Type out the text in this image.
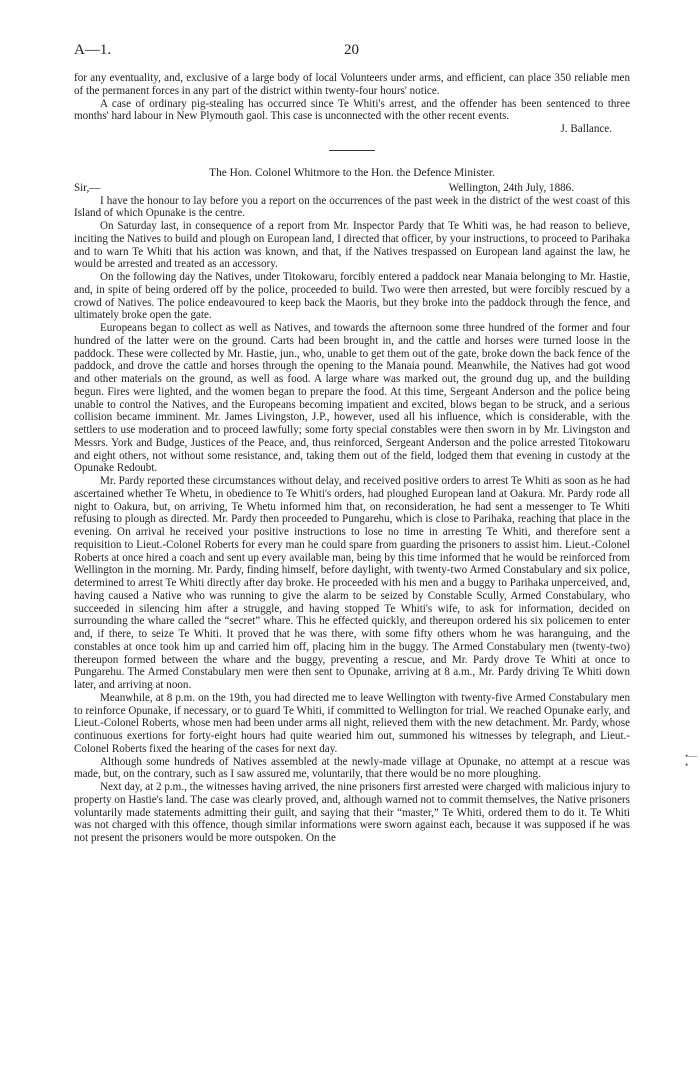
A—1.	20

for any eventuality, and, exclusive of a large body of local Volunteers under arms, and efficient, can place 350 reliable men of the permanent forces in any part of the district within twenty-four hours' notice.

A case of ordinary pig-stealing has occurred since Te Whiti's arrest, and the offender has been sentenced to three months' hard labour in New Plymouth gaol. This case is unconnected with the other recent events.

J. Ballance.

The Hon. Colonel Whitmore to the Hon. the Defence Minister.
Sir,—	Wellington, 24th July, 1886.

I have the honour to lay before you a report on the occurrences of the past week in the district of the west coast of this Island of which Opunake is the centre.

On Saturday last, in consequence of a report from Mr. Inspector Pardy that Te Whiti was, he had reason to believe, inciting the Natives to build and plough on European land, I directed that officer, by your instructions, to proceed to Parihaka and to warn Te Whiti that his action was known, and that, if the Natives trespassed on European land against the law, he would be arrested and treated as an accessory.

On the following day the Natives, under Titokowaru, forcibly entered a paddock near Manaia belonging to Mr. Hastie, and, in spite of being ordered off by the police, proceeded to build. Two were then arrested, but were forcibly rescued by a crowd of Natives. The police endeavoured to keep back the Maoris, but they broke into the paddock through the fence, and ultimately broke open the gate.

Europeans began to collect as well as Natives, and towards the afternoon some three hundred of the former and four hundred of the latter were on the ground. Carts had been brought in, and the cattle and horses were turned loose in the paddock. These were collected by Mr. Hastie, jun., who, unable to get them out of the gate, broke down the back fence of the paddock, and drove the cattle and horses through the opening to the Manaia pound. Meanwhile, the Natives had got wood and other materials on the ground, as well as food. A large whare was marked out, the ground dug up, and the building begun. Fires were lighted, and the women began to prepare the food. At this time, Sergeant Anderson and the police being unable to control the Natives, and the Europeans becoming impatient and excited, blows began to be struck, and a serious collision became imminent. Mr. James Livingston, J.P., however, used all his influence, which is considerable, with the settlers to use moderation and to proceed lawfully; some forty special constables were then sworn in by Mr. Livingston and Messrs. York and Budge, Justices of the Peace, and, thus reinforced, Sergeant Anderson and the police arrested Titokowaru and eight others, not without some resistance, and, taking them out of the field, lodged them that evening in custody at the Opunake Redoubt.

Mr. Pardy reported these circumstances without delay, and received positive orders to arrest Te Whiti as soon as he had ascertained whether Te Whetu, in obedience to Te Whiti's orders, had ploughed European land at Oakura. Mr. Pardy rode all night to Oakura, but, on arriving, Te Whetu informed him that, on reconsideration, he had sent a messenger to Te Whiti refusing to plough as directed. Mr. Pardy then proceeded to Pungarehu, which is close to Parihaka, reaching that place in the evening. On arrival he received your positive instructions to lose no time in arresting Te Whiti, and therefore sent a requisition to Lieut.-Colonel Roberts for every man he could spare from guarding the prisoners to assist him. Lieut.-Colonel Roberts at once hired a coach and sent up every available man, being by this time informed that he would be reinforced from Wellington in the morning. Mr. Pardy, finding himself, before daylight, with twenty-two Armed Constabulary and six police, determined to arrest Te Whiti directly after day broke. He proceeded with his men and a buggy to Parihaka unperceived, and, having caused a Native who was running to give the alarm to be seized by Constable Scully, Armed Constabulary, who succeeded in silencing him after a struggle, and having stopped Te Whiti's wife, to ask for information, decided on surrounding the whare called the “secret” whare. This he effected quickly, and thereupon ordered his six policemen to enter and, if there, to seize Te Whiti. It proved that he was there, with some fifty others whom he was haranguing, and the constables at once took him up and carried him off, placing him in the buggy. The Armed Constabulary men (twenty-two) thereupon formed between the whare and the buggy, preventing a rescue, and Mr. Pardy drove Te Whiti at once to Pungarehu. The Armed Constabulary men were then sent to Opunake, arriving at 8 a.m., Mr. Pardy driving Te Whiti down later, and arriving at noon.

Meanwhile, at 8 p.m. on the 19th, you had directed me to leave Wellington with twenty-five Armed Constabulary men to reinforce Opunake, if necessary, or to guard Te Whiti, if committed to Wellington for trial. We reached Opunake early, and Lieut.-Colonel Roberts, whose men had been under arms all night, relieved them with the new detachment. Mr. Pardy, whose continuous exertions for forty-eight hours had quite wearied him out, summoned his witnesses by telegraph, and Lieut.-Colonel Roberts fixed the hearing of the cases for next day.

Although some hundreds of Natives assembled at the newly-made village at Opunake, no attempt at a rescue was made, but, on the contrary, such as I saw assured me, voluntarily, that there would be no more ploughing.

Next day, at 2 p.m., the witnesses having arrived, the nine prisoners first arrested were charged with malicious injury to property on Hastie's land. The case was clearly proved, and, although warned not to commit themselves, the Native prisoners voluntarily made statements admitting their guilt, and saying that their “master,” Te Whiti, ordered them to do it. Te Whiti was not charged with this offence, though similar informations were sworn against each, because it was supposed if he was not present the prisoners would be more outspoken. On the

•—•
